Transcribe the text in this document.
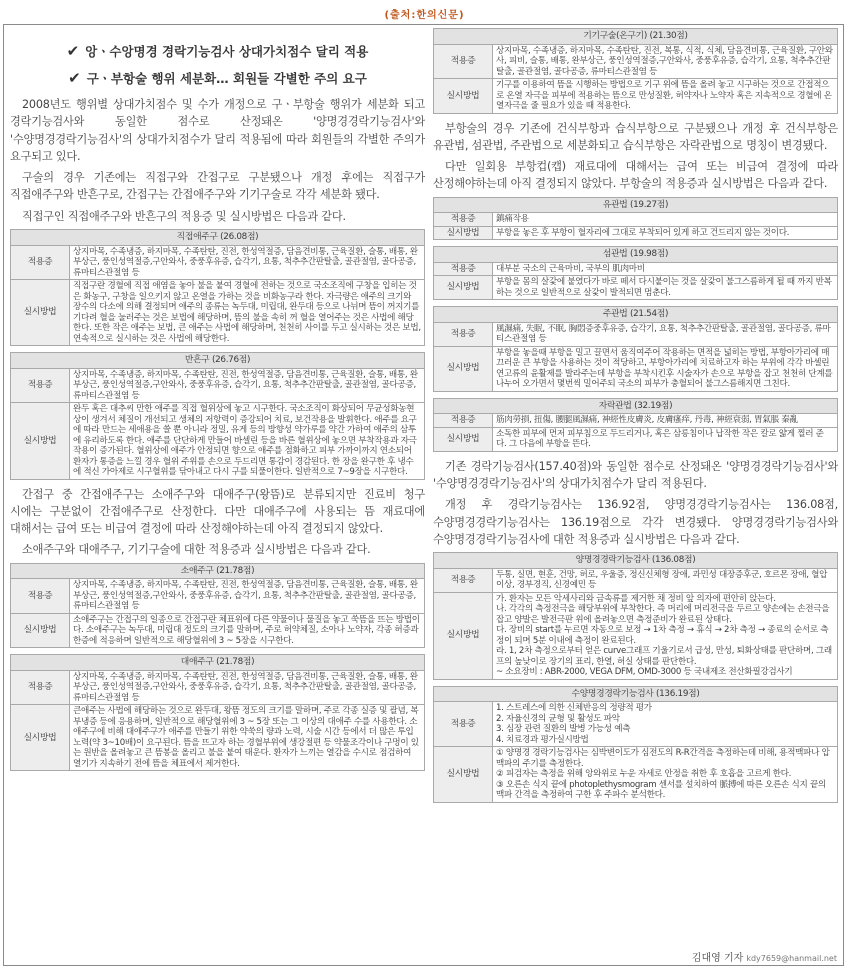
(출처:한의신문)
✔ 앙ㆍ수앙명경 경락기능검사 상대가치점수 달리 적용
✔ 구ㆍ부항술 행위 세분화… 회원들 각별한 주의 요구

2008년도 행위별 상대가치점수 및 수가 개정으로 구ㆍ부항술 행위가 세분화 되고 경락기능검사와 동일한 점수로 산정돼온 '양명경경락기능검사'와 '수양명경경락기능검사'의 상대가치점수가 달리 적용됨에 따라 회원들의 각별한 주의가 요구되고 있다.

구술의 경우 기존에는 직접구와 간접구로 구분됐으나 개정 후에는 직접구가 직접애주구와 반흔구로, 간접구는 간접애주구와 기기구술로 각각 세분화 됐다.

직접구인 직접애주구와 반흔구의 적용증 및 실시방법은 다음과 같다.

직접애주구 (26.08점)	
적용증	상지마목, 수족냉증, 하지마목, 수족탄탄, 진전, 한성역절증, 담음견비통, 근육질환, 슬통, 배통, 완부상근, 풍인성역절증,구안와사, 중풍후유증, 습각기, 요통, 척추추간판탈출, 골관절염, 골다공증, 류마티스관절염 등
실시방법	직접구란 경혈에 직접 애염을 놓아 불을 붙여 경혈에 전하는 것으로 국소조직에 구창을 입히는 것은 화농구, 구창을 일으키지 않고 온열을 가하는 것을 비화농구라 한다. 자극량은 애주의 크기와 장수의 다소에 의해 결정되며 애주의 종류는 녹두대, 미립대, 완두대 등으로 나뉘며 뜸이 꺼지기를 기다려 혈을 눌러주는 것은 보법에 해당하며, 뜸의 불을 속히 꺼 혈을 열어주는 것은 사법에 해당한다. 또한 작은 애주는 보법, 큰 애주는 사법에 해당하며, 천천히 사이를 두고 실시하는 것은 보법, 연속적으로 실시하는 것은 사법에 해당한다.
반흔구 (26.76점)	
적용증	상지마목, 수족냉증, 하지마목, 수족탄탄, 진전, 한성역절증, 담음견비통, 근육질환, 슬통, 배통, 완부상근, 풍인성역절증,구안와사, 중풍후유증, 습각기, 요통, 척추추간판탈출, 골관절염, 골다공증, 류마티스관절염 등
실시방법	완두 혹은 대추씨 만한 애주를 직접 혈위상에 놓고 시구한다. 국소조직이 화상되어 무균성화농현상이 생겨서 체질이 개선되고 생체의 저항력이 증강되어 치료, 보건작용을 발휘한다. 애주를 요구에 따라 만드는 세애용을 쓸 뿐 아니라 정밀, 유게 등의 방향성 약가루를 약간 가하여 애주의 삼투에 유리하도록 한다. 애주를 단단하게 만들어 바셀린 등을 바른 혈위상에 놓으면 부착작용과 자극작용이 증가된다. 혈위상에 애주가 안정되면 향으로 애주를 점화하고 피부 가까이까지 연소되어 환자가 통증을 느낄 경우 혈위 주위를 손으로 두드리면 통감이 경감된다. 한 장을 완구한 후 냉수에 적신 가아제로 시구혈위를 닦아내고 다시 구를 되풀이한다. 일반적으로 7~9장을 시구한다.

간접구 중 간접애주구는 소애주구와 대애주구(왕뜸)로 분류되지만 진료비 청구 시에는 구분없이 간접애주구로 산정한다. 다만 대애주구에 사용되는 뜸 재료대에 대해서는 급여 또는 비급여 결정에 따라 산정해야하는데 아직 결정되지 않았다.

소애주구와 대애주구, 기기구술에 대한 적용증과 실시방법은 다음과 같다.

소애주구 (21.78점)	
적용증	상지마목, 수족냉증, 하지마목, 수족탄탄, 진전, 한성역절증, 담음견비통, 근육질환, 슬통, 배통, 완부상근, 풍인성역절증,구안와사, 중풍후유증, 습각기, 요통, 척추추간판탈출, 골관절염, 골다공증, 류마티스관절염 등
실시방법	소애주구는 간접구의 일종으로 간접구란 체표위에 다른 약물이나 물질을 놓고 쑥뜸을 뜨는 방법이다. 소애주구는 녹두대, 미립대 정도의 크기를 말하며, 주로 허약체질, 소아나 노약자, 각종 허증과 한증에 적응하며 일반적으로 해당혈위에 3 ~ 5장을 시구한다.
대애주구 (21.78점)	
적용증	상지마목, 수족냉증, 하지마목, 수족탄탄, 진전, 한성역절증, 담음견비통, 근육질환, 슬통, 배통, 완부상근, 풍인성역절증,구안와사, 중풍후유증, 습각기, 요통, 척추추간판탈출, 골관절염, 골다공증, 류마티스관절염 등
실시방법	큰애주는 사법에 해당하는 것으로 완두대, 왕뜸 정도의 크기를 말하며, 주로 각종 실증 및 괄념, 복부냉증 등에 응용하며, 일반적으로 해당혈위에 3 ~ 5장 또는 그 이상의 대애주 수를 사용한다. 소애주구에 비해 대애주구가 애주를 만들기 위한 약쑥의 량과 노력, 시술 시간 등에서 더 많은 투입노력(약 3~10배)이 요구된다. 뜸을 뜨고자 하는 경혈부위에 생강절편 등 약물조각이나 구멍이 있는 원반을 올려놓고 큰 뜸봉을 올리고 불을 붙여 태운다. 환자가 느끼는 열감을 수시로 점검하여 열기가 지속하기 전에 뜸을 체표에서 제거한다.
기기구술(온구기) (21.30점)	
적용증	상지마목, 수족냉증, 하지마목, 수족탄탄, 진전, 복통, 식적, 식체, 담음견비통, 근육질환, 구안와사, 피비, 슬통, 배통, 완부상근, 풍인성역절증,구안와사, 중풍후유증, 습각기, 요통, 척추추간판탈출, 골관절염, 골다공증, 류마티스관절염 등
실시방법	기구를 이용하여 뜸을 시행하는 방법으로 기구 위에 뜸을 올려 놓고 시구하는 것으로 간접적으로 온열 자극을 피부에 적용하는 뜸으로 만성질환, 허약자나 노약자 혹은 지속적으로 경혈에 온열자극을 줄 필요가 있을 때 적용한다.

부항술의 경우 기존에 건식부항과 습식부항으로 구분됐으나 개정 후 건식부항은 유관법, 섬관법, 주관법으로 세분화되고 습식부항은 자락관법으로 명칭이 변경됐다.

다만 일회용 부항컵(캡) 재료대에 대해서는 급여 또는 비급여 결정에 따라 산정해야하는데 아직 결정되지 않았다. 부항술의 적용증과 실시방법은 다음과 같다.

유관법 (19.27점)	
적용증	鎮痛작용
실시방법	부항을 놓은 후 부항이 혈자리에 그대로 부착되어 있게 하고 건드리지 않는 것이다.
섬관법 (19.98점)	
적용증	대부분 국소의 근육마비, 국부의 肌肉마비
실시방법	부항을 몸의 살갗에 붙였다가 바로 떼서 다시붙이는 것을 살갗이 불그스름하게 될 때 까지 반복하는 것으로 일반적으로 살갗이 발적되면 멈춘다.
주관법 (21.54점)	
적용증	風濕痛, 失眠, 不眠, 胸悶증중후유증, 습각기, 요통, 척추추간판탈출, 골관절염, 골다공증, 류마티스관절염 등
실시방법	부항을 놓을때 부항을 밀고 끌면서 움직여주어 작용하는 면적을 넓히는 방법, 부항아가리에 매끄러운 큰 부항을 사용하는 것이 적당하고, 부항아가리에 치료하고자 하는 부위에 각각 바셀린연고류의 윤활제를 발라주는데 부항을 부착시킨후 시술자가 손으로 부항을 잡고 천천히 단계를 나누어 오가면서 몇번씩 밀어주되 국소의 피부가 충혈되어 불그스름해지면 그친다.
자락관법 (32.19점)	
적용증	筋肉勞損, 扭傷, 腰腿風濕痛, 神經性皮膚炎, 皮膚瘙痒, 丹毒, 神經衰弱, 胃氣脹 秦亂
실시방법	소독한 피부에 먼저 피부침으로 두드리거나, 혹은 삼릉침이나 납작한 작은 칼로 얇게 찔러 준다. 그 다음에 부항을 뜬다.

기존 경락기능검사(157.40점)와 동일한 점수로 산정돼온 '양명경경락기능검사'와 '수양명경경락기능검사'의 상대가치점수가 달리 적용된다.

개정 후 경락기능검사는 136.92점, 양명경경락기능검사는 136.08점, 수양명경경락기능검사는 136.19점으로 각각 변경됐다. 양명경경락기능검사와 수양명경경락기능검사에 대한 적용증과 실시방법은 다음과 같다.

양명경경락기능검사 (136.08점)	
적용증	두통, 실면, 현훈, 건망, 허로, 우울증, 정신신체형 장애, 과민성 대장증후군, 호르몬 장애, 혈압이상, 경부경직, 신경예민 등
실시방법	가. 환자는 모든 악세사리와 금속류를 제거한 채 정비 앞 의자에 편안히 앉는다.
나. 각각의 측정전극을 해당부위에 부착한다. 즉 머리에 머리전극을 두르고 양손에는 손전극을 잡고 양발은 발전극판 위에 올려놓으면 측정준비가 완료된 상태다.
다. 장비의 start를 누르면 자동으로 보정 → 1차 측정 → 휴식 → 2차 측정 → 종료의 순서로 측정이 되며 5분 이내에 측정이 완료된다.
라. 1, 2차 측정으로부터 얻은 curve그래프 기울기로서 급성, 만성, 퇴화상태를 판단하며, 그래프의 높낮이로 장기의 표리, 한열, 허실 상태를 판단한다.
~ 소요장비 : ABR-2000, VEGA DFM, OMD-3000 등 국내제조 전산화필강검사기
수양명경경락기능검사 (136.19점)	
적용증	1. 스트레스에 의한 신체반응의 정량적 평가
2. 자율신경의 균형 및 활성도 파악
3. 심장 관련 질환의 발병 가능성 예측
4. 치료경과 평가실시방법
실시방법	① 양명경 경락기능검사는 심박변이도가 심전도의 R-R간격을 측정하는데 비해, 용적맥파나 압맥파의 주기를 측정한다.
② 피검자는 측정을 위해 앙와위로 누운 자세로 안정을 취한 후 호흡을 고르게 한다.
③ 오른손 식지 끝에 photoplethysmogram 센서를 설치하여 脈搏에 따른 오른손 식지 끝의 맥파 간격을 측정하여 구한 후 주파수 분석한다.
김대영 기자 kdy7659@hanmail.net
